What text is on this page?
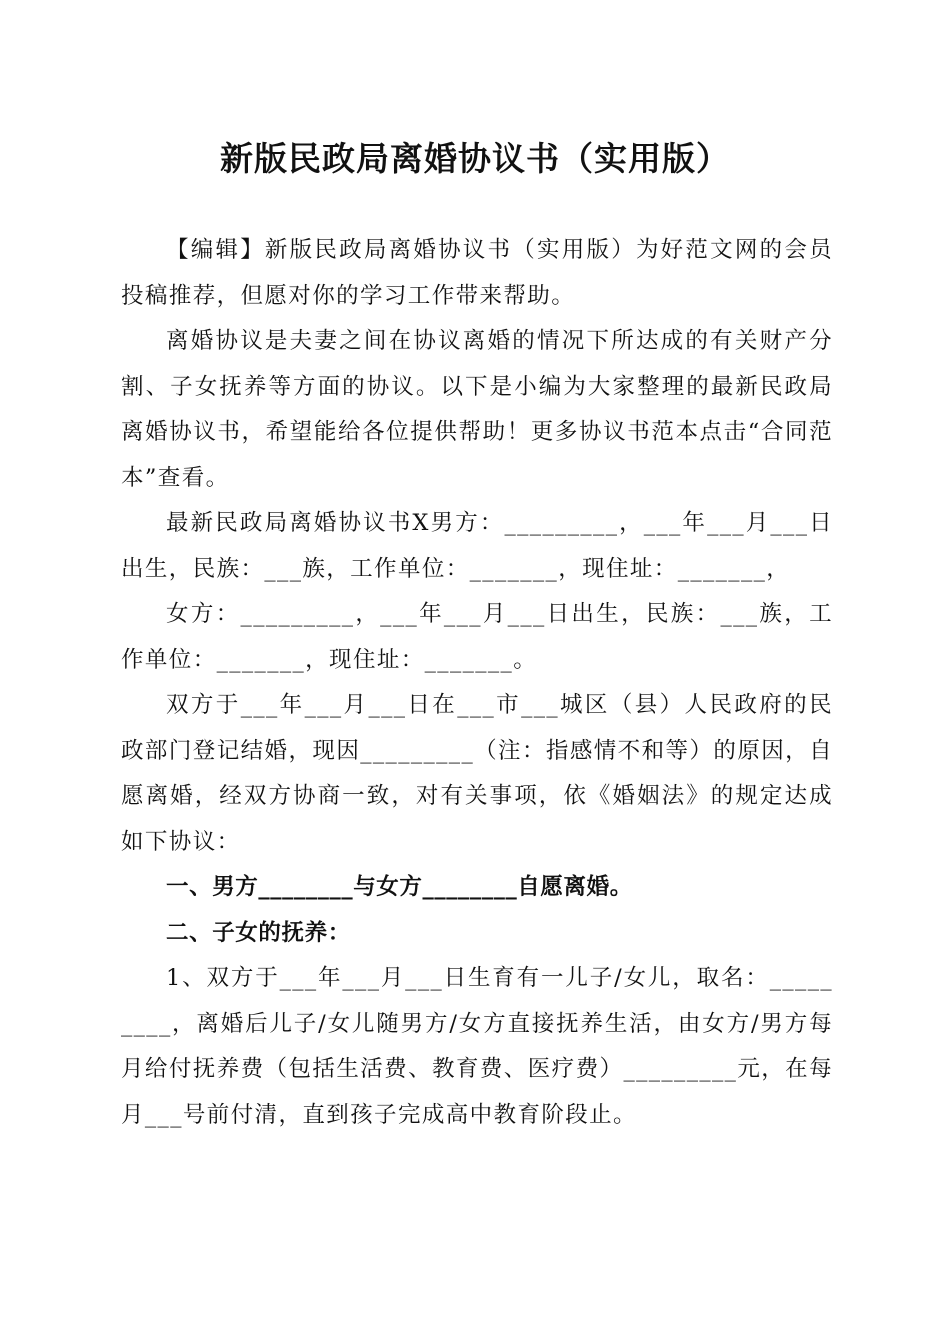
新版民政局离婚协议书（实用版）

【编辑】新版民政局离婚协议书（实用版）为好范文网的会员投稿推荐，但愿对你的学习工作带来帮助。

离婚协议是夫妻之间在协议离婚的情况下所达成的有关财产分割、子女抚养等方面的协议。以下是小编为大家整理的最新民政局离婚协议书，希望能给各位提供帮助！更多协议书范本点击“合同范本”查看。

最新民政局离婚协议书X男方：_________，___年___月___日出生，民族：___族，工作单位：_______，现住址：_______，

女方：_________，___年___月___日出生，民族：___族，工作单位：_______，现住址：_______。

双方于___年___月___日在___市___城区（县）人民政府的民政部门登记结婚，现因_________（注：指感情不和等）的原因，自愿离婚，经双方协商一致，对有关事项，依《婚姻法》的规定达成如下协议：

一、男方________与女方________自愿离婚。

二、子女的抚养：

1、双方于___年___月___日生育有一儿子/女儿，取名：_________，离婚后儿子/女儿随男方/女方直接抚养生活，由女方/男方每月给付抚养费（包括生活费、教育费、医疗费）_________元，在每月___号前付清，直到孩子完成高中教育阶段止。
